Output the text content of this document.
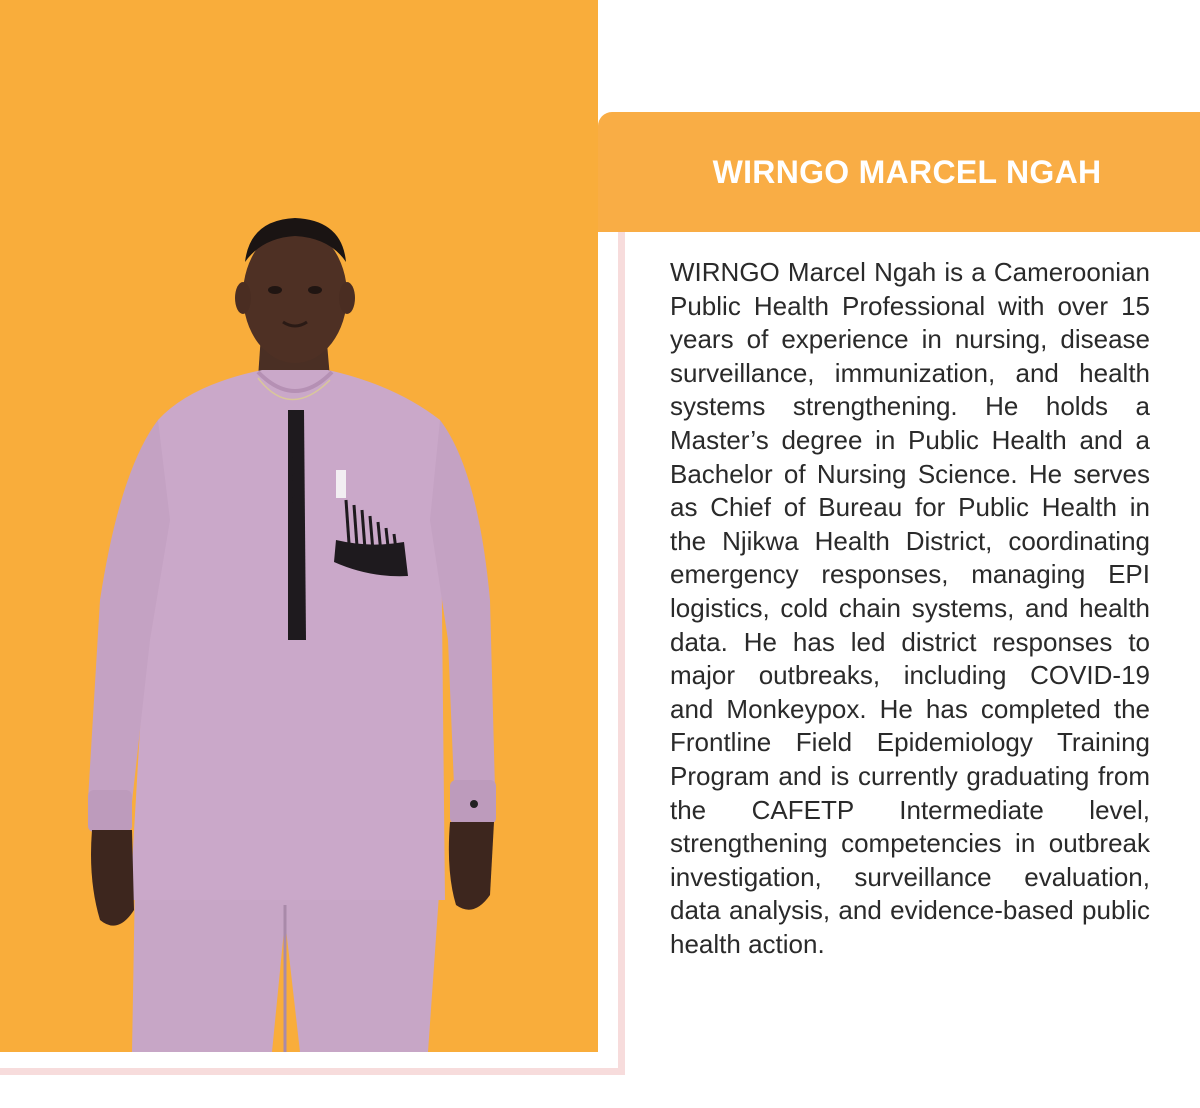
WIRNGO MARCEL NGAH

WIRNGO Marcel Ngah is a Cameroonian Public Health Professional with over 15 years of experience in nursing, disease surveillance, immunization, and health systems strengthening. He holds a Master’s degree in Public Health and a Bachelor of Nursing Science. He serves as Chief of Bureau for Public Health in the Njikwa Health District, coordinating emergency responses, managing EPI logistics, cold chain systems, and health data. He has led district responses to major outbreaks, including COVID-19 and Monkeypox. He has completed the Frontline Field Epidemiology Training Program and is currently graduating from the CAFETP Intermediate level, strengthening competencies in outbreak investigation, surveillance evaluation, data analysis, and evidence-based public health action.
